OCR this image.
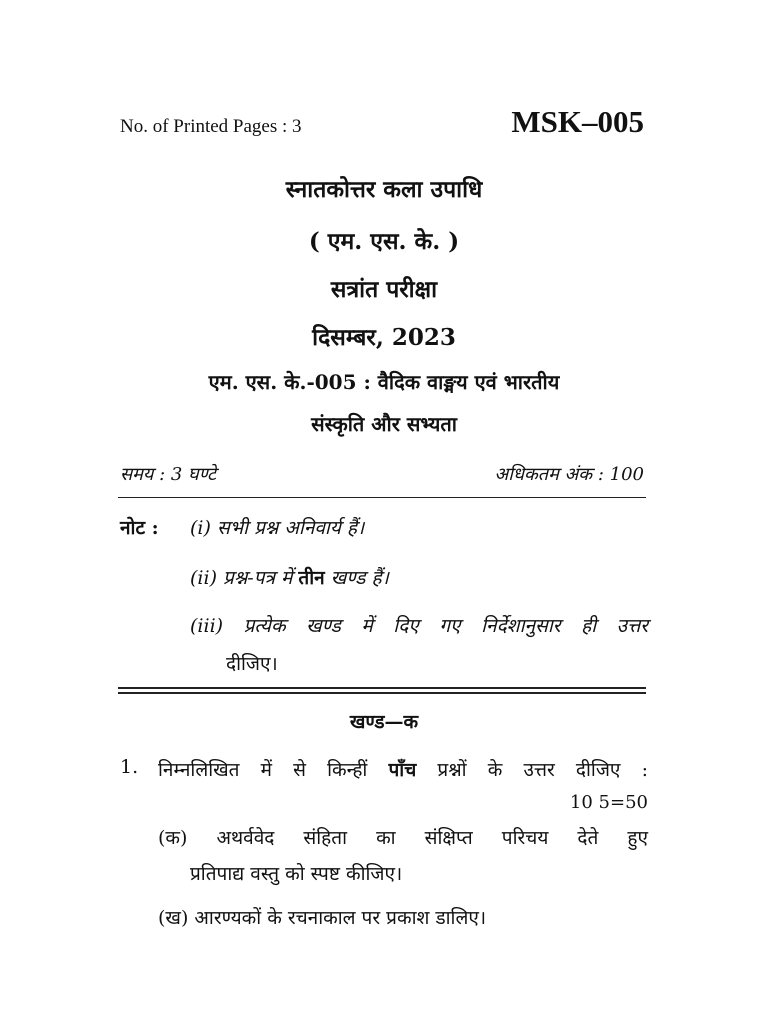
No. of Printed Pages : 3	MSK–005
स्नातकोत्तर कला उपाधि
( एम. एस. के. )
सत्रांत परीक्षा
दिसम्बर, 2023
एम. एस. के.-005 : वैदिक वाङ्मय एवं भारतीय
संस्कृति और सभ्यता
समय : 3 घण्टे	अधिकतम अंक : 100
नोट : (i) सभी प्रश्न अनिवार्य हैं।
(ii) प्रश्न-पत्र में तीन खण्ड हैं।
(iii) प्रत्येक खण्ड में दिए गए निर्देशानुसार ही उत्तर
दीजिए।
खण्ड—क
1. निम्नलिखित में से किन्हीं पाँच प्रश्नों के उत्तर दीजिए :
10 5=50
(क) अथर्ववेद संहिता का संक्षिप्त परिचय देते हुए
प्रतिपाद्य वस्तु को स्पष्ट कीजिए।
(ख) आरण्यकों के रचनाकाल पर प्रकाश डालिए।
